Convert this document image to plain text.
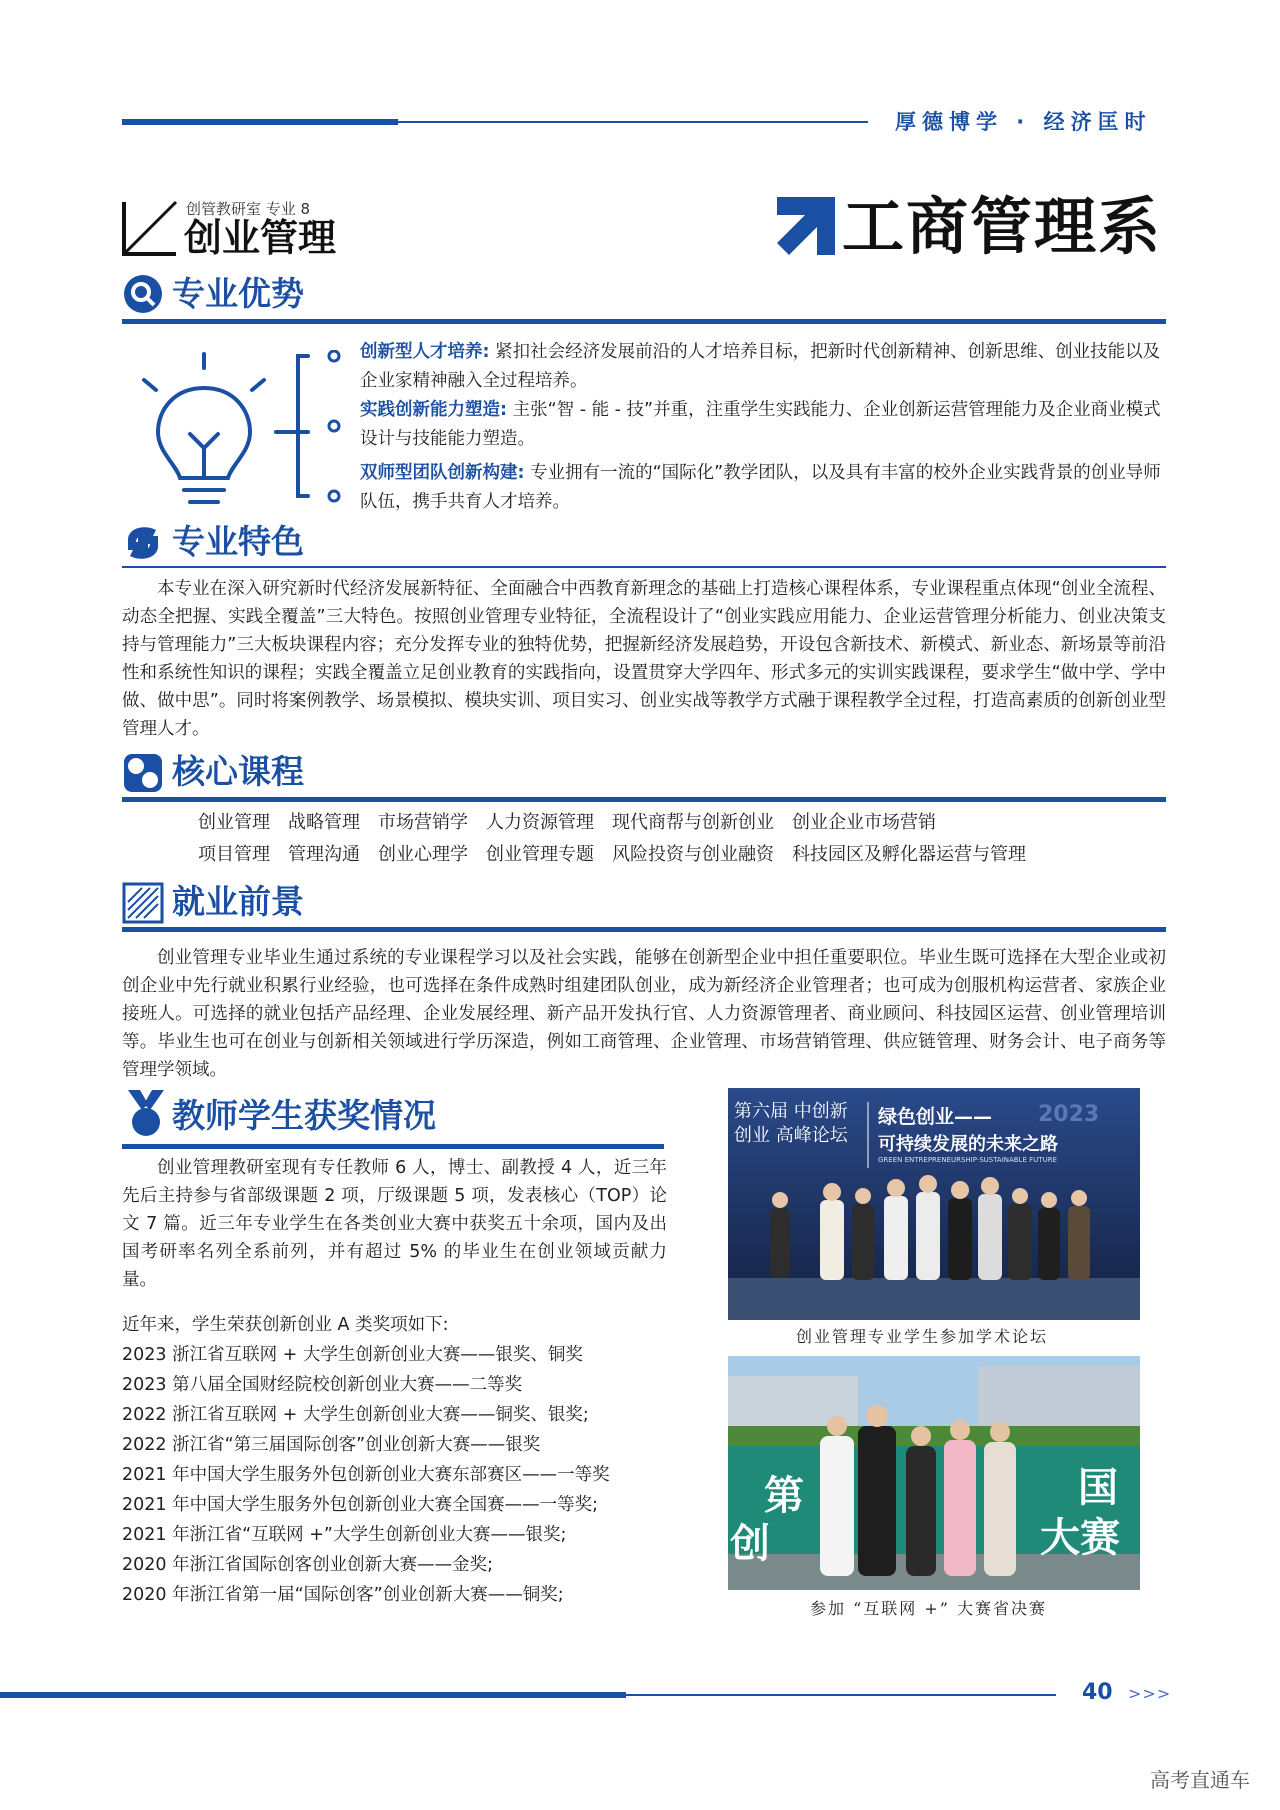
厚德博学 · 经济匡时
创管教研室 专业 8
创业管理	工商管理系
专业优势
创新型人才培养: 紧扣社会经济发展前沿的人才培养目标，把新时代创新精神、创新思维、创业技能以及企业家精神融入全过程培养。
实践创新能力塑造: 主张“智 - 能 - 技”并重，注重学生实践能力、企业创新运营管理能力及企业商业模式设计与技能能力塑造。
双师型团队创新构建: 专业拥有一流的“国际化”教学团队，以及具有丰富的校外企业实践背景的创业导师队伍，携手共育人才培养。
专业特色

本专业在深入研究新时代经济发展新特征、全面融合中西教育新理念的基础上打造核心课程体系，专业课程重点体现“创业全流程、动态全把握、实践全覆盖”三大特色。按照创业管理专业特征，全流程设计了“创业实践应用能力、企业运营管理分析能力、创业决策支持与管理能力”三大板块课程内容；充分发挥专业的独特优势，把握新经济发展趋势，开设包含新技术、新模式、新业态、新场景等前沿性和系统性知识的课程；实践全覆盖立足创业教育的实践指向，设置贯穿大学四年、形式多元的实训实践课程，要求学生“做中学、学中做、做中思”。同时将案例教学、场景模拟、模块实训、项目实习、创业实战等教学方式融于课程教学全过程，打造高素质的创新创业型管理人才。

核心课程
创业管理 战略管理 市场营销学 人力资源管理 现代商帮与创新创业 创业企业市场营销
项目管理 管理沟通 创业心理学 创业管理专题 风险投资与创业融资 科技园区及孵化器运营与管理
就业前景

创业管理专业毕业生通过系统的专业课程学习以及社会实践，能够在创新型企业中担任重要职位。毕业生既可选择在大型企业或初创企业中先行就业积累行业经验，也可选择在条件成熟时组建团队创业，成为新经济企业管理者；也可成为创服机构运营者、家族企业接班人。可选择的就业包括产品经理、企业发展经理、新产品开发执行官、人力资源管理者、商业顾问、科技园区运营、创业管理培训等。毕业生也可在创业与创新相关领域进行学历深造，例如工商管理、企业管理、市场营销管理、供应链管理、财务会计、电子商务等管理学领域。

教师学生获奖情况

创业管理教研室现有专任教师 6 人，博士、副教授 4 人，近三年先后主持参与省部级课题 2 项，厅级课题 5 项，发表核心（TOP）论文 7 篇。近三年专业学生在各类创业大赛中获奖五十余项，国内及出国考研率名列全系前列，并有超过 5% 的毕业生在创业领域贡献力量。

近年来，学生荣获创新创业 A 类奖项如下:
2023 浙江省互联网 + 大学生创新创业大赛——银奖、铜奖
2023 第八届全国财经院校创新创业大赛——二等奖
2022 浙江省互联网 + 大学生创新创业大赛——铜奖、银奖;
2022 浙江省“第三届国际创客”创业创新大赛——银奖
2021 年中国大学生服务外包创新创业大赛东部赛区——一等奖
2021 年中国大学生服务外包创新创业大赛全国赛——一等奖;
2021 年浙江省“互联网 +”大学生创新创业大赛——银奖;
2020 年浙江省国际创客创业创新大赛——金奖;
2020 年浙江省第一届“国际创客”创业创新大赛——铜奖;
第六届 中创新创业 高峰论坛
绿色创业—— 2023
可持续发展的未来之路
GREEN ENTREPRENEURSHIP·SUSTAINABLE FUTURE
创业管理专业学生参加学术论坛
第
创
国
大赛
参加 “互联网 +” 大赛省决赛
40 >>>
高考直通车
